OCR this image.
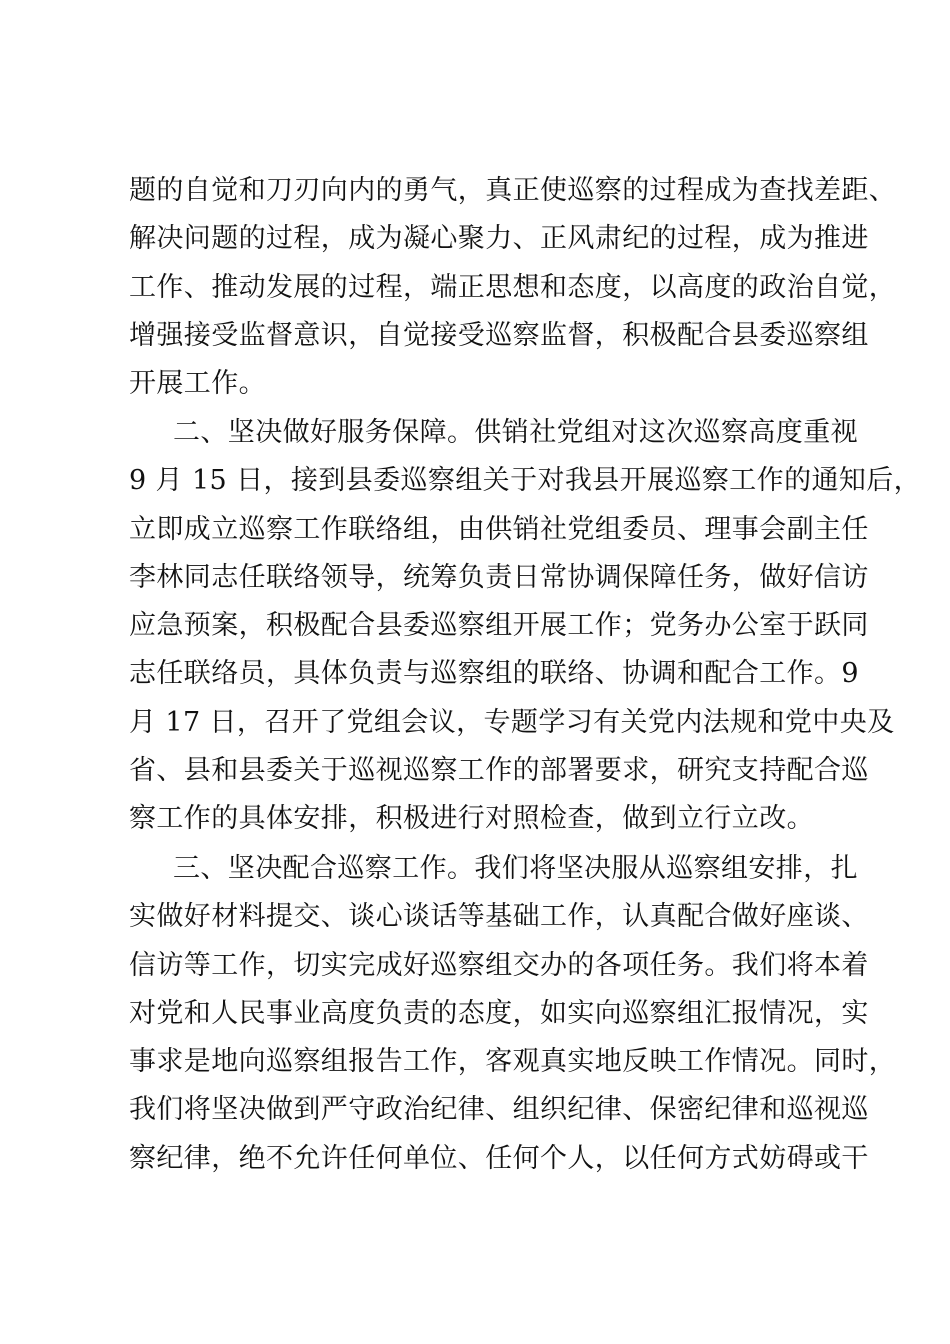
题的自觉和刀刃向内的勇气，真正使巡察的过程成为查找差距、
解决问题的过程，成为凝心聚力、正风肃纪的过程，成为推进
工作、推动发展的过程，端正思想和态度，以高度的政治自觉，
增强接受监督意识，自觉接受巡察监督，积极配合县委巡察组
开展工作。
二、坚决做好服务保障。供销社党组对这次巡察高度重视
9 月 15 日，接到县委巡察组关于对我县开展巡察工作的通知后，
立即成立巡察工作联络组，由供销社党组委员、理事会副主任
李林同志任联络领导，统筹负责日常协调保障任务，做好信访
应急预案，积极配合县委巡察组开展工作；党务办公室于跃同
志任联络员，具体负责与巡察组的联络、协调和配合工作。9
月 17 日，召开了党组会议，专题学习有关党内法规和党中央及
省、县和县委关于巡视巡察工作的部署要求，研究支持配合巡
察工作的具体安排，积极进行对照检查，做到立行立改。
三、坚决配合巡察工作。我们将坚决服从巡察组安排，扎
实做好材料提交、谈心谈话等基础工作，认真配合做好座谈、
信访等工作，切实完成好巡察组交办的各项任务。我们将本着
对党和人民事业高度负责的态度，如实向巡察组汇报情况，实
事求是地向巡察组报告工作，客观真实地反映工作情况。同时，
我们将坚决做到严守政治纪律、组织纪律、保密纪律和巡视巡
察纪律，绝不允许任何单位、任何个人，以任何方式妨碍或干
